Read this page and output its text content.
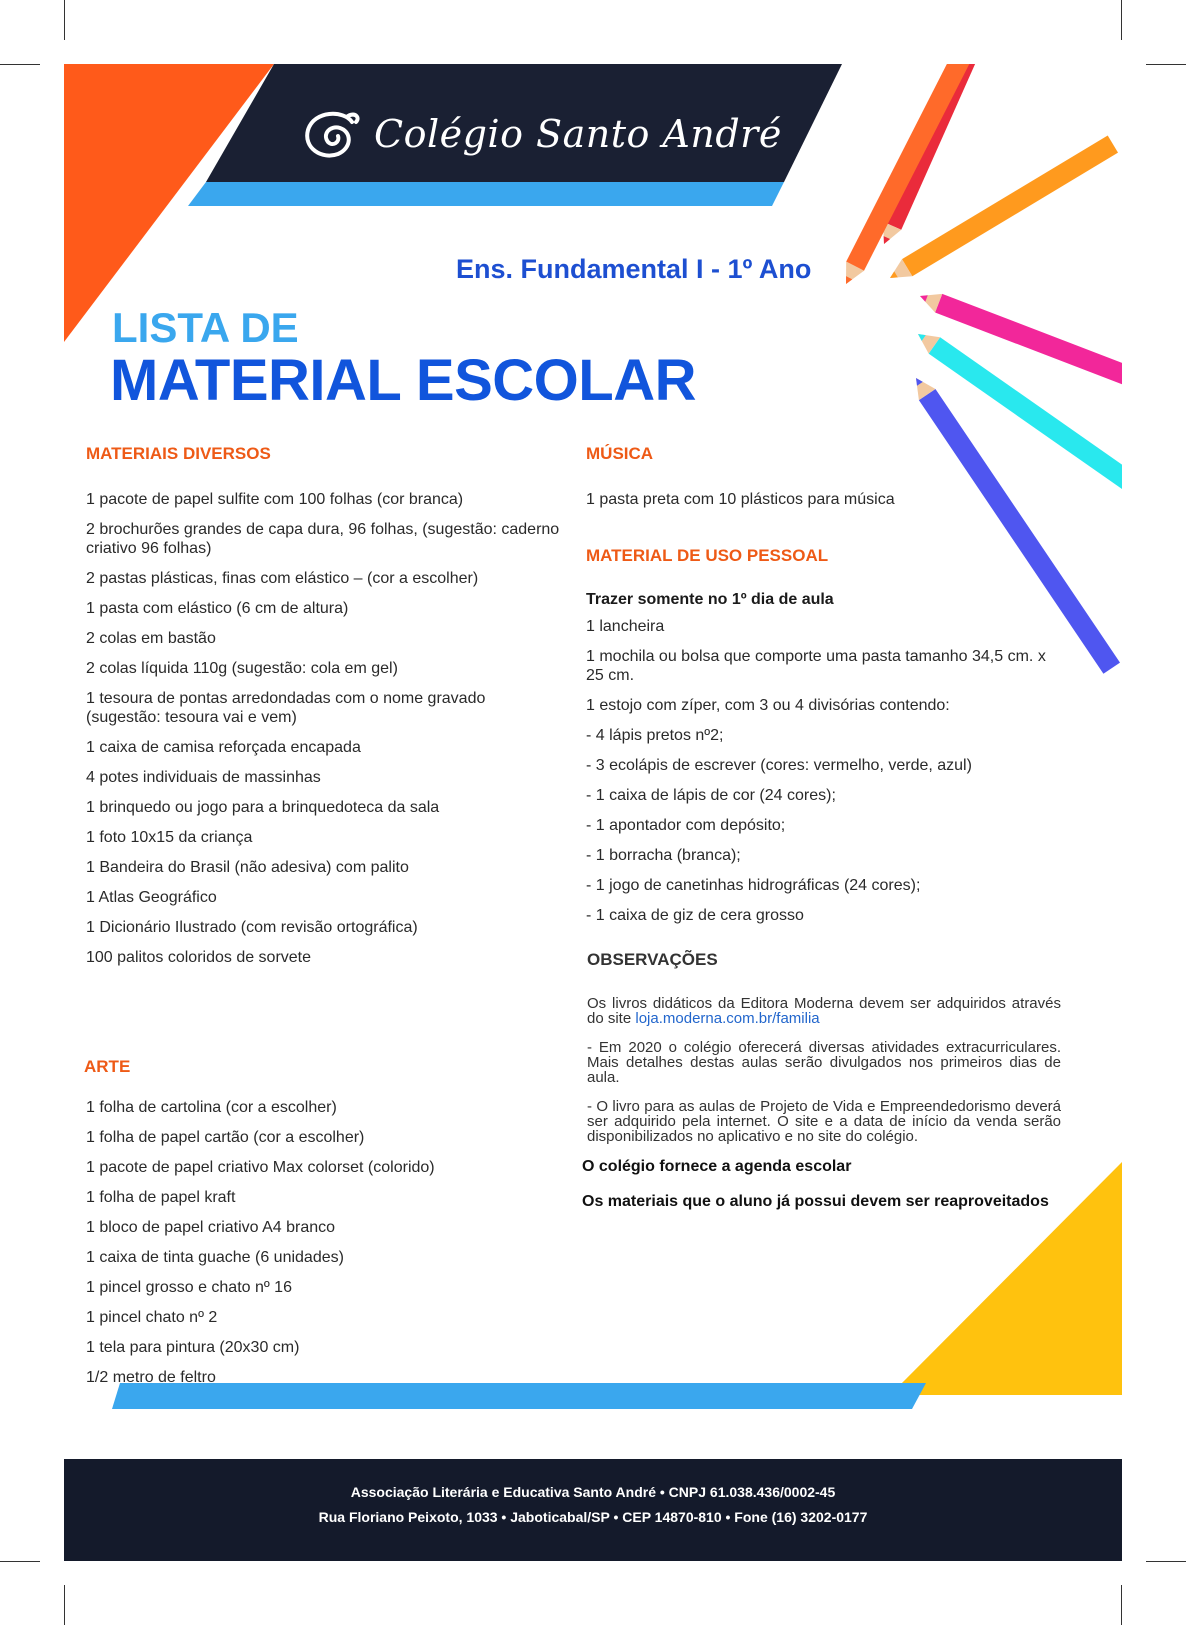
Colégio Santo André
Ens. Fundamental I - 1º Ano
LISTA DE
MATERIAL ESCOLAR

MATERIAIS DIVERSOS

1 pacote de papel sulfite com 100 folhas (cor branca)
2 brochurões grandes de capa dura, 96 folhas, (sugestão: caderno criativo 96 folhas)
2 pastas plásticas, finas com elástico – (cor a escolher)
1 pasta com elástico (6 cm de altura)
2 colas em bastão
2 colas líquida 110g (sugestão: cola em gel)
1 tesoura de pontas arredondadas com o nome gravado (sugestão: tesoura vai e vem)
1 caixa de camisa reforçada encapada
4 potes individuais de massinhas
1 brinquedo ou jogo para a brinquedoteca da sala
1 foto 10x15 da criança
1 Bandeira do Brasil (não adesiva) com palito
1 Atlas Geográfico
1 Dicionário Ilustrado (com revisão ortográfica)
100 palitos coloridos de sorvete

ARTE

1 folha de cartolina (cor a escolher)
1 folha de papel cartão (cor a escolher)
1 pacote de papel criativo Max colorset (colorido)
1 folha de papel kraft
1 bloco de papel criativo A4 branco
1 caixa de tinta guache (6 unidades)
1 pincel grosso e chato nº 16
1 pincel chato nº 2
1 tela para pintura (20x30 cm)
1/2 metro de feltro

MÚSICA

1 pasta preta com 10 plásticos para música

MATERIAL DE USO PESSOAL

Trazer somente no 1º dia de aula

1 lancheira
1 mochila ou bolsa que comporte uma pasta tamanho 34,5 cm. x 25 cm.
1 estojo com zíper, com 3 ou 4 divisórias contendo:
- 4 lápis pretos nº2;
- 3 ecolápis de escrever (cores: vermelho, verde, azul)
- 1 caixa de lápis de cor (24 cores);
- 1 apontador com depósito;
- 1 borracha (branca);
- 1 jogo de canetinhas hidrográficas (24 cores);
- 1 caixa de giz de cera grosso

OBSERVAÇÕES

Os livros didáticos da Editora Moderna devem ser adquiridos através do site loja.moderna.com.br/familia

- Em 2020 o colégio oferecerá diversas atividades extracurriculares. Mais detalhes destas aulas serão divulgados nos primeiros dias de aula.

- O livro para as aulas de Projeto de Vida e Empreendedorismo deverá ser adquirido pela internet. O site e a data de início da venda serão disponibilizados no aplicativo e no site do colégio.

O colégio fornece a agenda escolar

Os materiais que o aluno já possui devem ser reaproveitados

Entrega de materiais: 27/01 - Início das aulas e reunião de pais: 28/01
Associação Literária e Educativa Santo André • CNPJ 61.038.436/0002-45
Rua Floriano Peixoto, 1033 • Jaboticabal/SP • CEP 14870-810 • Fone (16) 3202-0177
